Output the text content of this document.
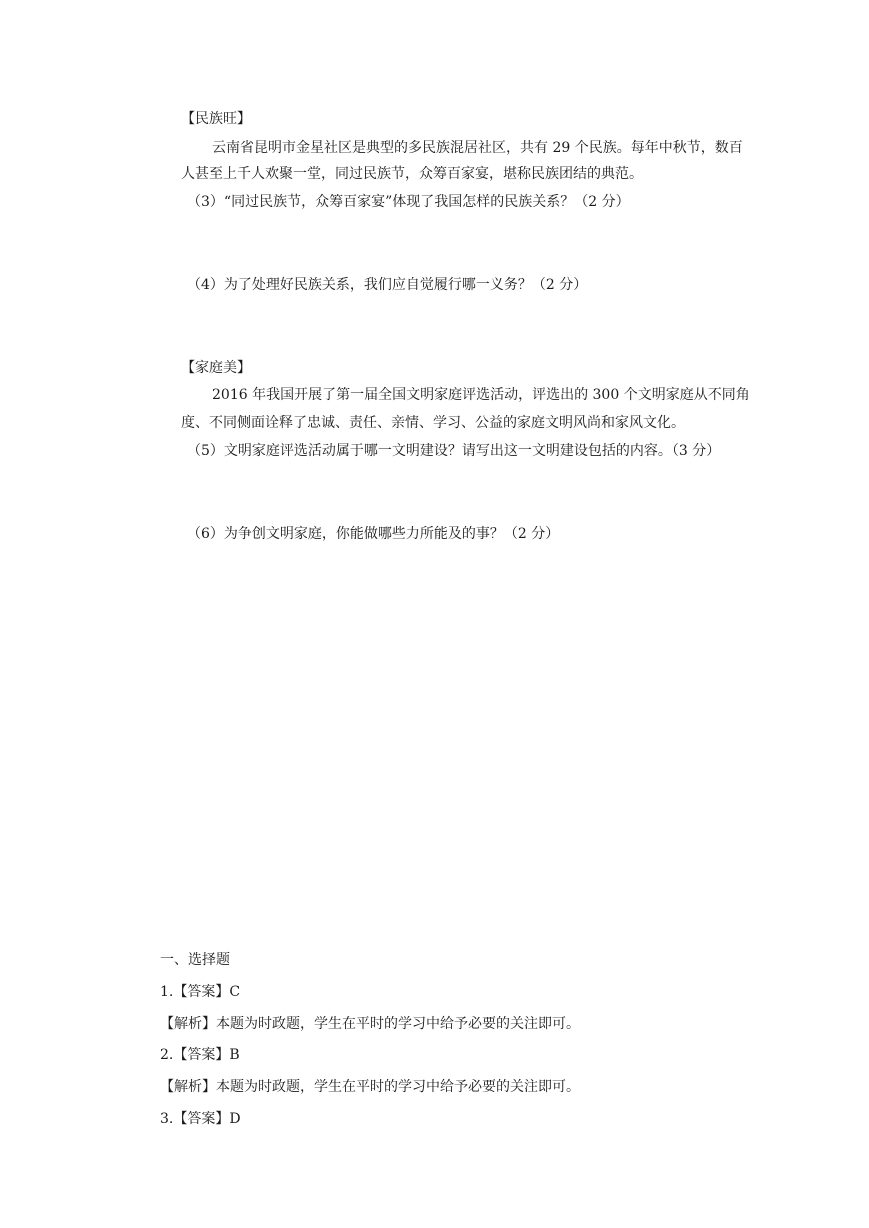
【民族旺】
云南省昆明市金星社区是典型的多民族混居社区，共有 29 个民族。每年中秋节，数百
人甚至上千人欢聚一堂，同过民族节，众筹百家宴，堪称民族团结的典范。
（3）“同过民族节，众筹百家宴”体现了我国怎样的民族关系？（2 分）
（4）为了处理好民族关系，我们应自觉履行哪一义务？（2 分）
【家庭美】
2016 年我国开展了第一届全国文明家庭评选活动，评选出的 300 个文明家庭从不同角
度、不同侧面诠释了忠诚、责任、亲情、学习、公益的家庭文明风尚和家风文化。
（5）文明家庭评选活动属于哪一文明建设？请写出这一文明建设包括的内容。（3 分）
（6）为争创文明家庭，你能做哪些力所能及的事？（2 分）
一、选择题
1.【答案】C
【解析】本题为时政题，学生在平时的学习中给予必要的关注即可。
2.【答案】B
【解析】本题为时政题，学生在平时的学习中给予必要的关注即可。
3.【答案】D
